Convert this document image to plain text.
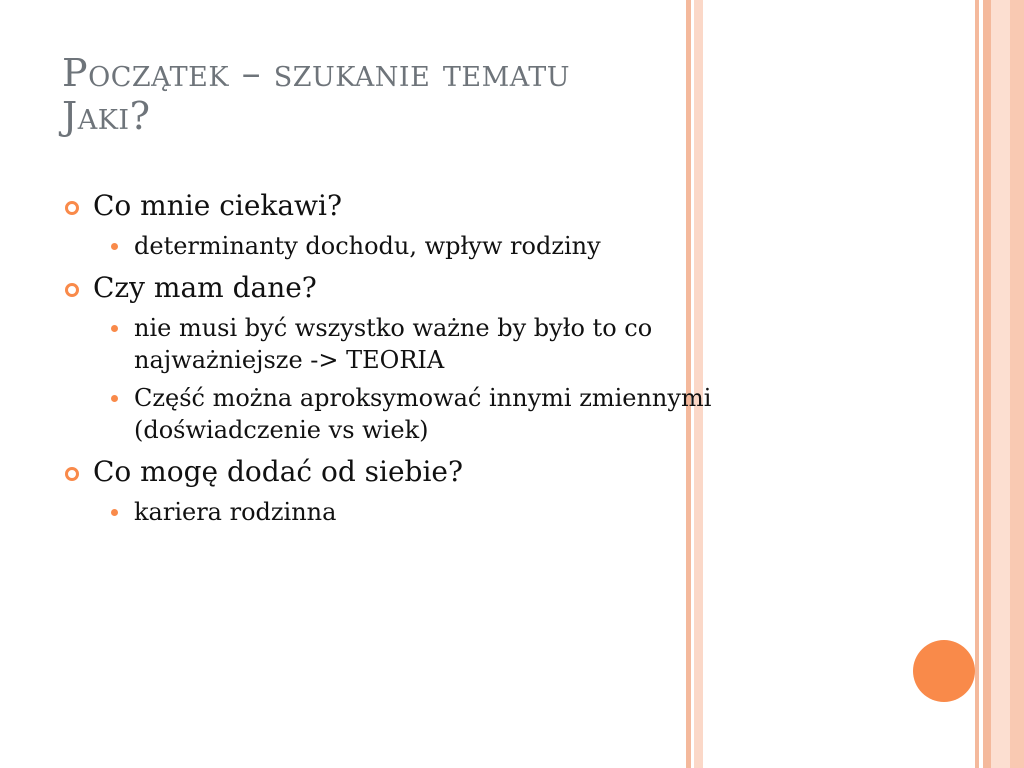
Początek – szukanie tematu
Jaki?
Co mnie ciekawi?
determinanty dochodu, wpływ rodziny
Czy mam dane?
nie musi być wszystko ważne by było to co najważniejsze -> TEORIA
Część można aproksymować innymi zmiennymi (doświadczenie vs wiek)
Co mogę dodać od siebie?
kariera rodzinna
